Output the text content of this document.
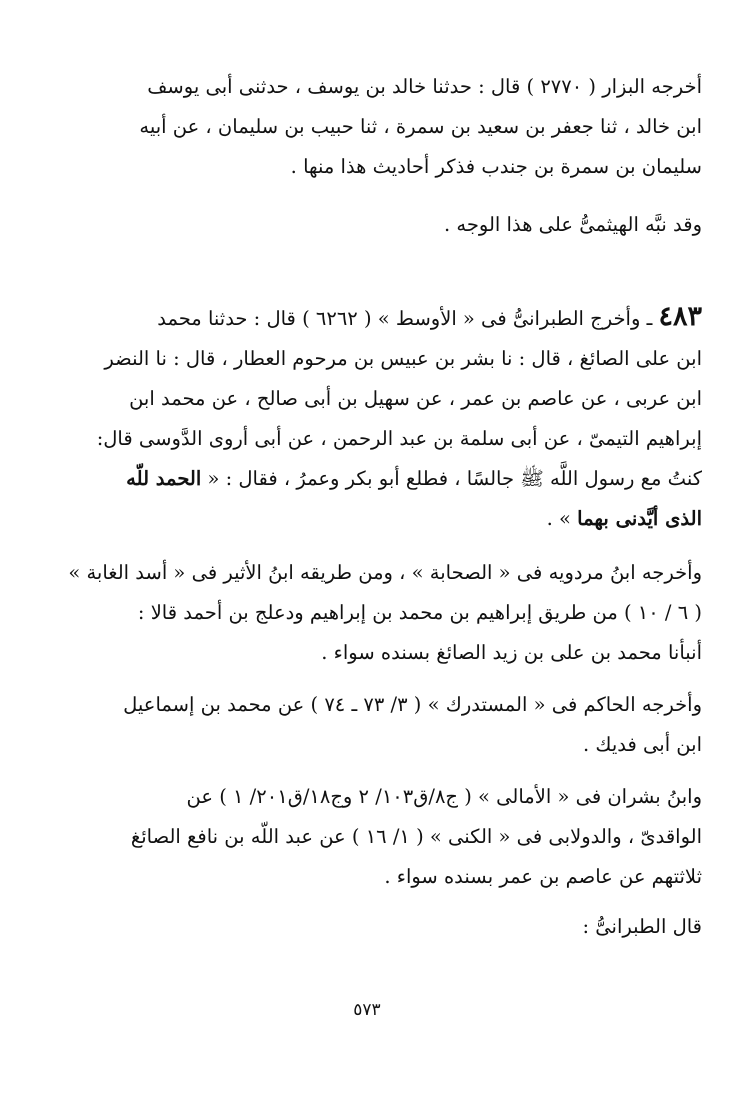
أخرجه البزار ( ٢٧٧٠ ) قال : حدثنا خالد بن يوسف ، حدثنى أبى يوسف
ابن خالد ، ثنا جعفر بن سعيد بن سمرة ، ثنا حبيب بن سليمان ، عن أبيه
سليمان بن سمرة بن جندب فذكر أحاديث هذا منها .
وقد نبَّه الهيثمىُّ على هذا الوجه .
٤٨٣ ـ وأخرج الطبرانىُّ فى « الأوسط » ( ٦٢٦٢ ) قال : حدثنا محمد
ابن على الصائغ ، قال : نا بشر بن عبيس بن مرحوم العطار ، قال : نا النضر
ابن عربى ، عن عاصم بن عمر ، عن سهيل بن أبى صالح ، عن محمد ابن
إبراهيم التيمىّ ، عن أبى سلمة بن عبد الرحمن ، عن أبى أروى الدَّوسى قال:
كنتُ مع رسول اللَّه ﷺ جالسًا ، فطلع أبو بكر وعمرُ ، فقال : « الحمد للّه
الذى أيَّدنى بهما » .
وأخرجه ابنُ مردويه فى « الصحابة » ، ومن طريقه ابنُ الأثير فى « أسد الغابة »
( ٦ / ١٠ ) من طريق إبراهيم بن محمد بن إبراهيم ودعلج بن أحمد قالا :
أنبأنا محمد بن على بن زيد الصائغ بسنده سواء .
وأخرجه الحاكم فى « المستدرك » ( ٣/ ٧٣ ـ ٧٤ ) عن محمد بن إسماعيل
ابن أبى فديك .
وابنُ بشران فى « الأمالى » ( ج٨/ق١٠٣/ ٢ وج١٨/ق٢٠١/ ١ ) عن
الواقدىّ ، والدولابى فى « الكنى » ( ١/ ١٦ ) عن عبد اللّه بن نافع الصائغ
ثلاثتهم عن عاصم بن عمر بسنده سواء .
قال الطبرانىُّ :
٥٧٣
